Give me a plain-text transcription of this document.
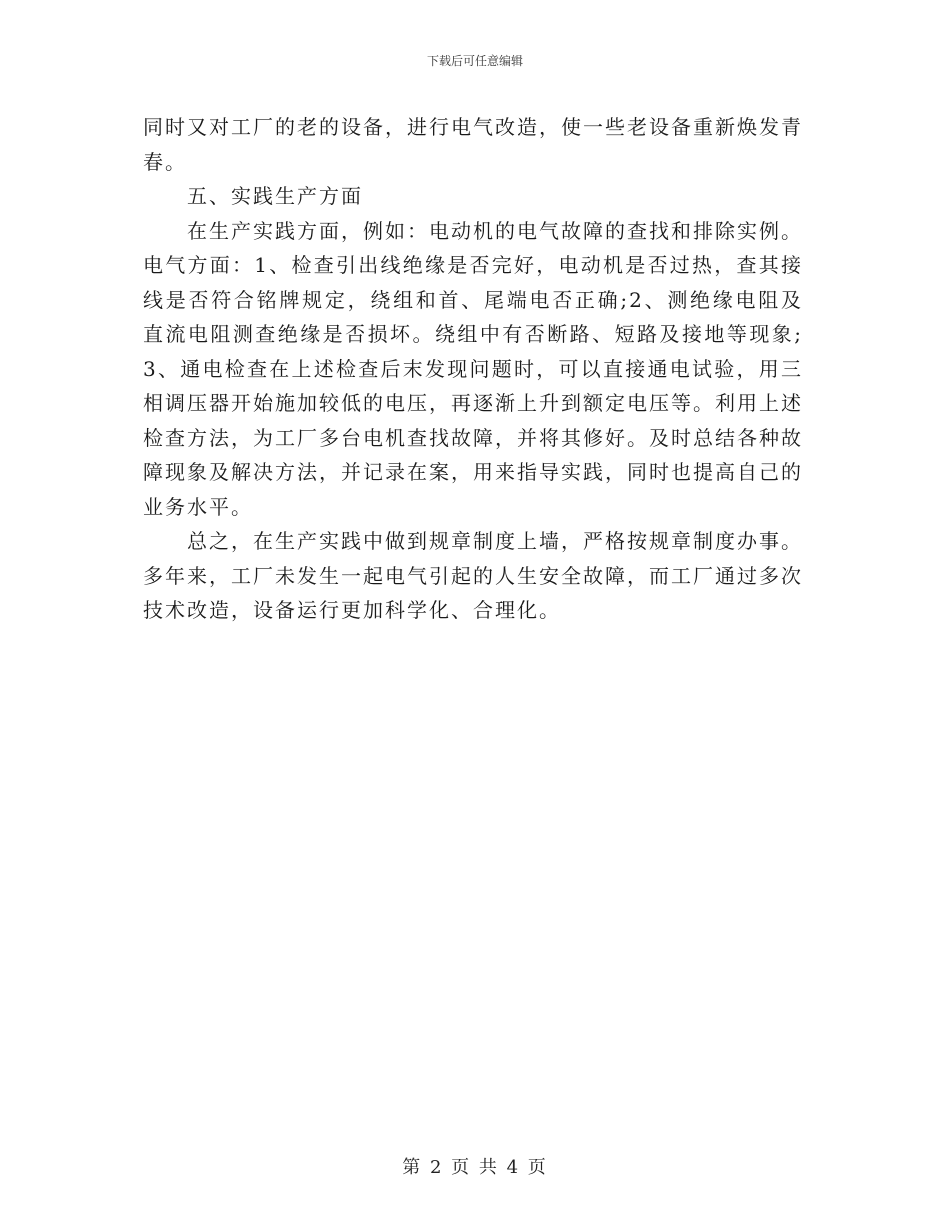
下载后可任意编辑

同时又对工厂的老的设备，进行电气改造，使一些老设备重新焕发青春。

五、实践生产方面

在生产实践方面，例如：电动机的电气故障的查找和排除实例。电气方面：1、检查引出线绝缘是否完好，电动机是否过热，查其接线是否符合铭牌规定，绕组和首、尾端电否正确;2、测绝缘电阻及直流电阻测查绝缘是否损坏。绕组中有否断路、短路及接地等现象;3、通电检查在上述检查后末发现问题时，可以直接通电试验，用三相调压器开始施加较低的电压，再逐渐上升到额定电压等。利用上述检查方法，为工厂多台电机查找故障，并将其修好。及时总结各种故障现象及解决方法，并记录在案，用来指导实践，同时也提高自己的业务水平。

总之，在生产实践中做到规章制度上墙，严格按规章制度办事。多年来，工厂未发生一起电气引起的人生安全故障，而工厂通过多次技术改造，设备运行更加科学化、合理化。

第 2 页 共 4 页
